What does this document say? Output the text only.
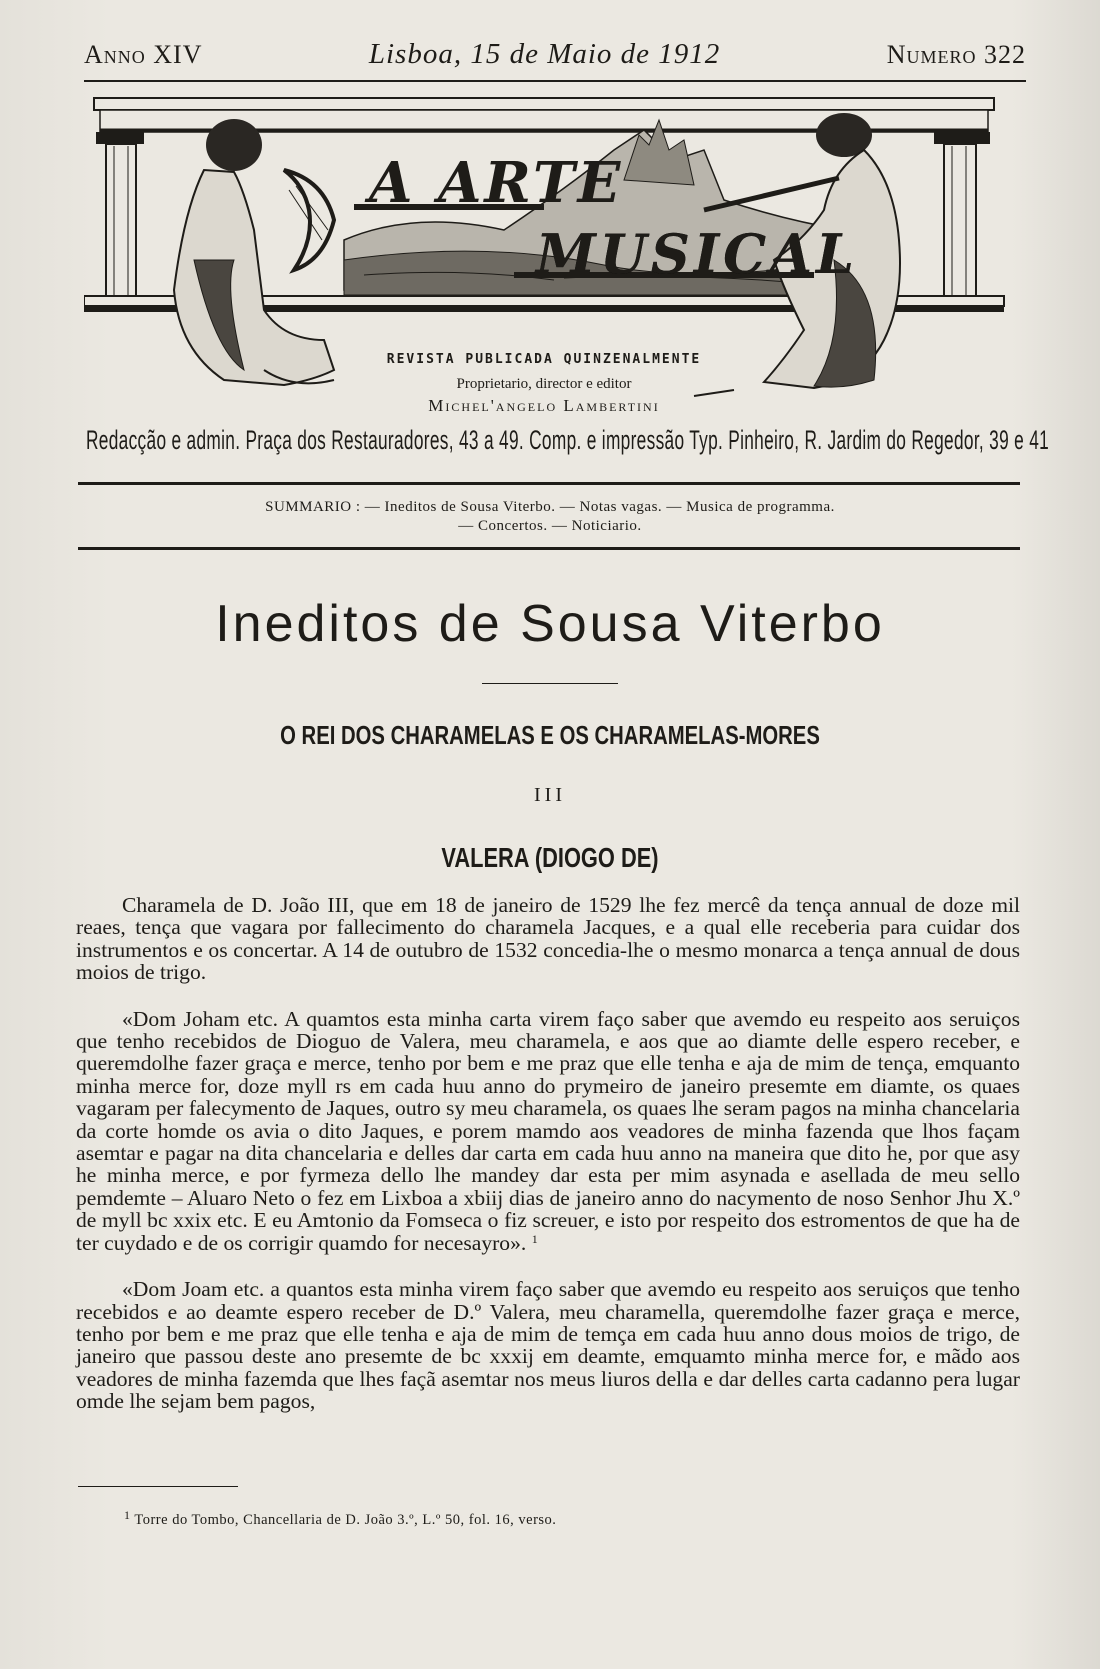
Anno XIV	Lisboa, 15 de Maio de 1912	Numero 322
A ARTE
MUSICAL
REVISTA PUBLICADA QUINZENALMENTE
Proprietario, director e editor
Michel'angelo Lambertini
Redacção e admin. Praça dos Restauradores, 43 a 49. Comp. e impressão Typ. Pinheiro, R. Jardim do Regedor, 39 e 41
SUMMARIO : — Ineditos de Sousa Viterbo. — Notas vagas. — Musica de programma.
— Concertos. — Noticiario.
Ineditos de Sousa Viterbo
O REI DOS CHARAMELAS E OS CHARAMELAS-MORES
III
VALERA (DIOGO DE)

Charamela de D. João III, que em 18 de janeiro de 1529 lhe fez mercê da tença annual de doze mil reaes, tença que vagara por fallecimento do charamela Jacques, e a qual elle receberia para cuidar dos instrumentos e os concertar. A 14 de outubro de 1532 concedia-lhe o mesmo monarca a tença annual de dous moios de trigo.

«Dom Joham etc. A quamtos esta minha carta virem faço saber que avemdo eu respeito aos seruiços que tenho recebidos de Dioguo de Valera, meu charamela, e aos que ao diamte delle espero receber, e queremdolhe fazer graça e merce, tenho por bem e me praz que elle tenha e aja de mim de tença, emquanto minha merce for, doze myll rs em cada huu anno do prymeiro de janeiro presemte em diamte, os quaes vagaram per falecymento de Jaques, outro sy meu charamela, os quaes lhe seram pagos na minha chancelaria da corte homde os avia o dito Jaques, e porem mamdo aos veadores de minha fazenda que lhos façam asemtar e pagar na dita chancelaria e delles dar carta em cada huu anno na maneira que dito he, por que asy he minha merce, e por fyrmeza dello lhe mandey dar esta per mim asynada e asellada de meu sello pemdemte – Aluaro Neto o fez em Lixboa a xbiij dias de janeiro anno do nacymento de noso Senhor Jhu X.º de myll bc xxix etc. E eu Amtonio da Fomseca o fiz screuer, e isto por respeito dos estromentos de que ha de ter cuydado e de os corrigir quamdo for necesayro». $^1$

«Dom Joam etc. a quantos esta minha virem faço saber que avemdo eu respeito aos seruiços que tenho recebidos e ao deamte espero receber de D.º Valera, meu charamella, queremdolhe fazer graça e merce, tenho por bem e me praz que elle tenha e aja de mim de temça em cada huu anno dous moios de trigo, de janeiro que passou deste ano presemte de bc xxxij em deamte, emquamto minha merce for, e mãdo aos veadores de minha fazemda que lhes façã asemtar nos meus liuros della e dar delles carta cadanno pera lugar omde lhe sejam bem pagos,

$^1$ Torre do Tombo, Chancellaria de D. João 3.º, L.º 50, fol. 16, verso.
